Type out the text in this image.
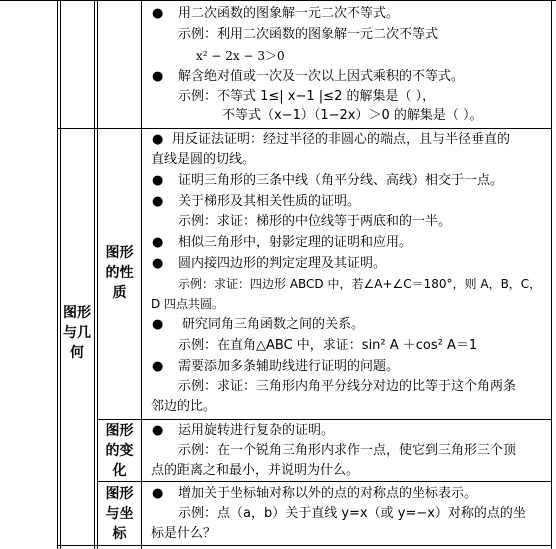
● 用二次函数的图象解一元二次不等式。
示例：利用二次函数的图象解一元二次不等式
x² − 2x − 3＞0
● 解含绝对值或一次及一次以上因式乘积的不等式。
示例：不等式 1≤| x−1 |≤2 的解集是（ ），
不等式（x−1）（1−2x）＞0 的解集是（ ）。
图形
与几
何
图形
的性
质
● 用反证法证明：经过半径的非圆心的端点，且与半径垂直的
直线是圆的切线。
● 证明三角形的三条中线（角平分线、高线）相交于一点。
● 关于梯形及其相关性质的证明。
示例：求证：梯形的中位线等于两底和的一半。
● 相似三角形中，射影定理的证明和应用。
● 圆内接四边形的判定定理及其证明。
示例：求证：四边形 ABCD 中，若∠A+∠C＝180°，则 A，B，C，
D 四点共圆。
● 研究同角三角函数之间的关系。
示例：在直角△ABC 中，求证：sin² A ＋cos² A＝1
● 需要添加多条辅助线进行证明的问题。
示例：求证：三角形内角平分线分对边的比等于这个角两条
邻边的比。
图形
的变
化
● 运用旋转进行复杂的证明。
示例：在一个锐角三角形内求作一点，使它到三角形三个顶
点的距离之和最小，并说明为什么。
图形
与坐
标
● 增加关于坐标轴对称以外的点的对称点的坐标表示。
示例：点（a，b）关于直线 y=x（或 y=−x）对称的点的坐
标是什么？
